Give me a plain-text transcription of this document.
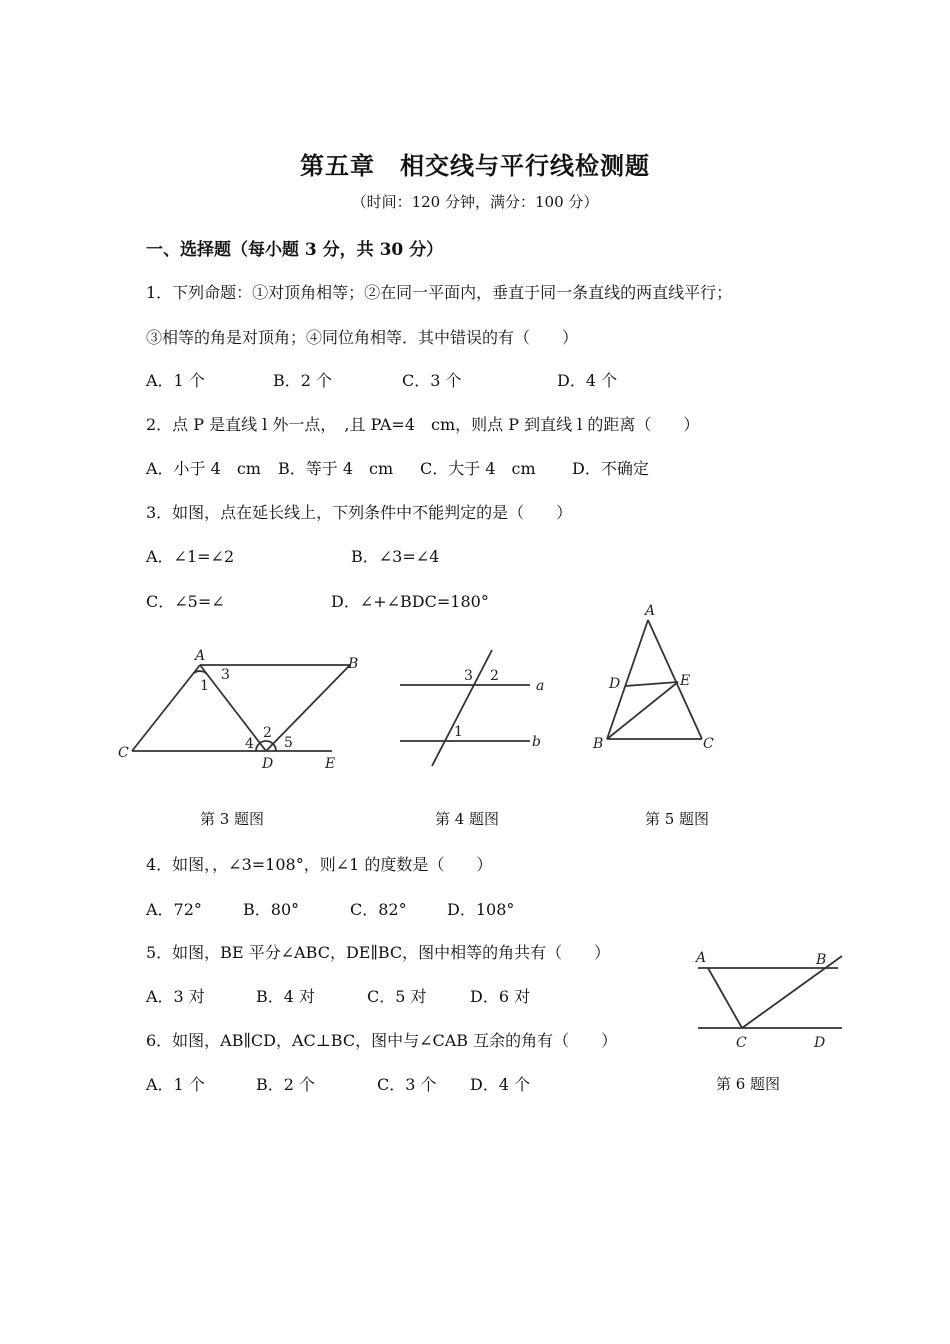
第五章　相交线与平行线检测题
（时间：120 分钟，满分：100 分）
一、选择题（每小题 3 分，共 30 分）
1．下列命题：①对顶角相等；②在同一平面内，垂直于同一条直线的两直线平行；
③相等的角是对顶角；④同位角相等．其中错误的有（　　）
A．1 个	B．2 个	C．3 个	D．4 个
2．点 P 是直线 l 外一点，　,且 PA=4　cm，则点 P 到直线 l 的距离（　　）
A．小于 4　cm B．等于 4　cm C．大于 4　cm D．不确定
3．如图，点在延长线上，下列条件中不能判定的是（　　）
A．∠1=∠2	B．∠3=∠4
C．∠5=∠	D．∠+∠BDC=180°
A	B
C
D	E
1
2
3
4 5
第 3 题图
a
b
1
2
3
第 4 题图
A
B	C
D	E
第 5 题图
4．如图，，∠3=108°，则∠1 的度数是（　　）
A．72°	B．80°	C．82°	D．108°
5．如图，BE 平分∠ABC，DE∥BC，图中相等的角共有（　　）
A．3 对	B．4 对	C．5 对	D．6 对
6．如图，AB∥CD，AC⊥BC，图中与∠CAB 互余的角有（　　）
A．1 个	B．2 个	C．3 个 D．4 个
A	B
C	D
第 6 题图
